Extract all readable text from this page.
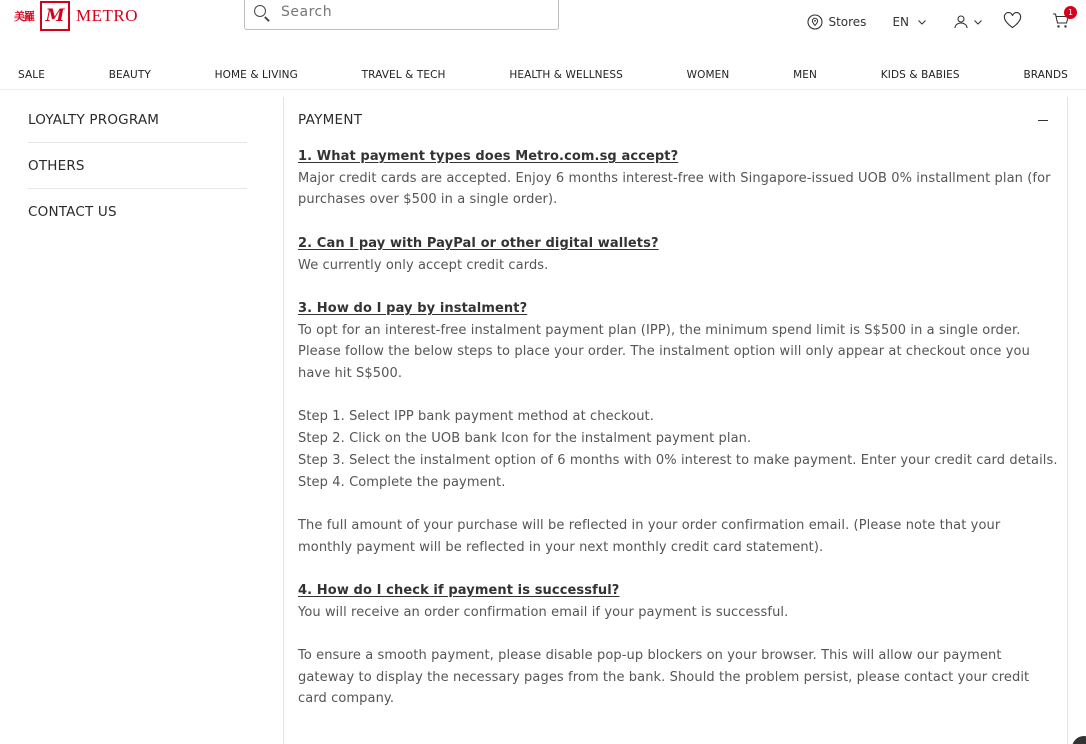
美羅 M METRO
Search	Stores EN
1
SALE	BEAUTY	HOME & LIVING	TRAVEL & TECH	HEALTH & WELLNESS	WOMEN	MEN	KIDS & BABIES	BRANDS
LOYALTY PROGRAM
OTHERS
CONTACT US
PAYMENT

1. What payment types does Metro.com.sg accept?

Major credit cards are accepted. Enjoy 6 months interest-free with Singapore-issued UOB 0% installment plan (for purchases over $500 in a single order).

2. Can I pay with PayPal or other digital wallets?

We currently only accept credit cards.

3. How do I pay by instalment?

To opt for an interest-free instalment payment plan (IPP), the minimum spend limit is S$500 in a single order. Please follow the below steps to place your order. The instalment option will only appear at checkout once you have hit S$500.

Step 1. Select IPP bank payment method at checkout.

Step 2. Click on the UOB bank Icon for the instalment payment plan.

Step 3. Select the instalment option of 6 months with 0% interest to make payment. Enter your credit card details.

Step 4. Complete the payment.

The full amount of your purchase will be reflected in your order confirmation email. (Please note that your monthly payment will be reflected in your next monthly credit card statement).

4. How do I check if payment is successful?

You will receive an order confirmation email if your payment is successful.

To ensure a smooth payment, please disable pop-up blockers on your browser. This will allow our payment gateway to display the necessary pages from the bank. Should the problem persist, please contact your credit card company.
